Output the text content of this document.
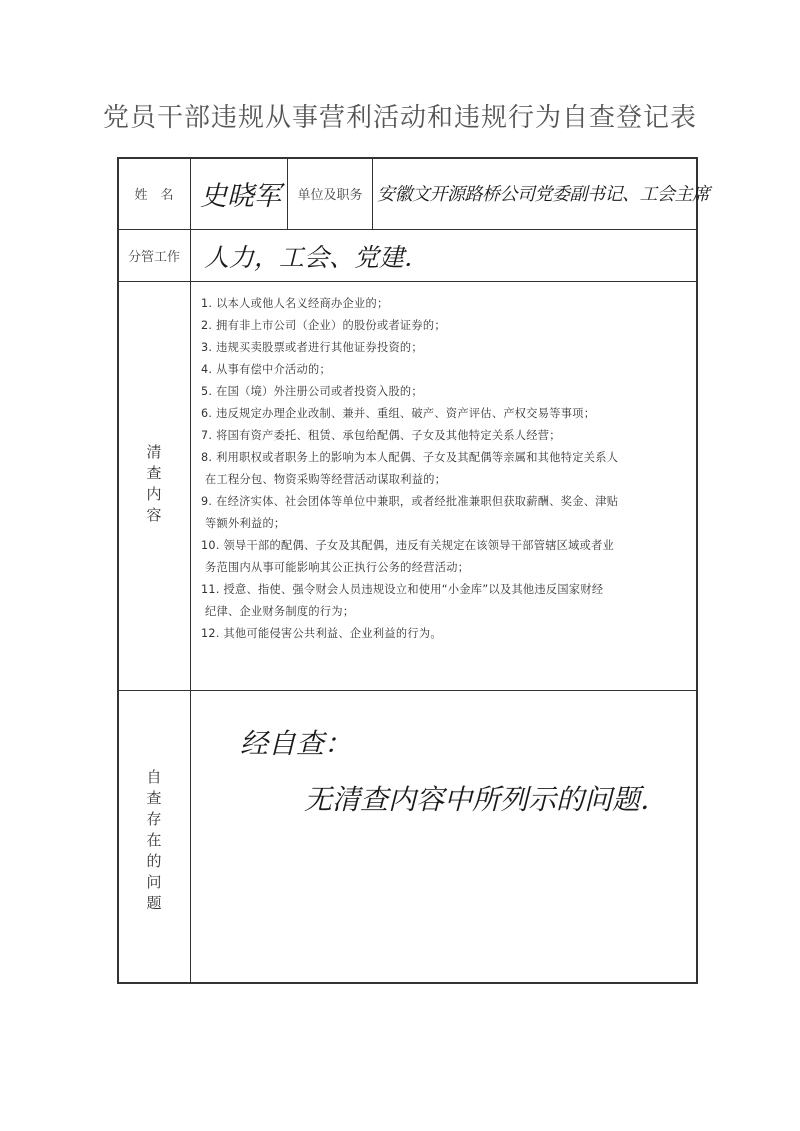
党员干部违规从事营利活动和违规行为自查登记表
姓　名	单位及职务
分管工作
清查内容
自查存在的问题
史晓军	安徽文开源路桥公司党委副书记、工会主席
人力，工会、党建．
1. 以本人或他人名义经商办企业的；
2. 拥有非上市公司（企业）的股份或者证券的；
3. 违规买卖股票或者进行其他证券投资的；
4. 从事有偿中介活动的；
5. 在国（境）外注册公司或者投资入股的；
6. 违反规定办理企业改制、兼并、重组、破产、资产评估、产权交易等事项；
7. 将国有资产委托、租赁、承包给配偶、子女及其他特定关系人经营；
8. 利用职权或者职务上的影响为本人配偶、子女及其配偶等亲属和其他特定关系人
在工程分包、物资采购等经营活动谋取利益的；
9. 在经济实体、社会团体等单位中兼职，或者经批准兼职但获取薪酬、奖金、津贴
等额外利益的；
10. 领导干部的配偶、子女及其配偶，违反有关规定在该领导干部管辖区域或者业
务范围内从事可能影响其公正执行公务的经营活动；
11. 授意、指使、强令财会人员违规设立和使用“小金库”以及其他违反国家财经
纪律、企业财务制度的行为；
12. 其他可能侵害公共利益、企业利益的行为。
经自查：
无清查内容中所列示的问题．
